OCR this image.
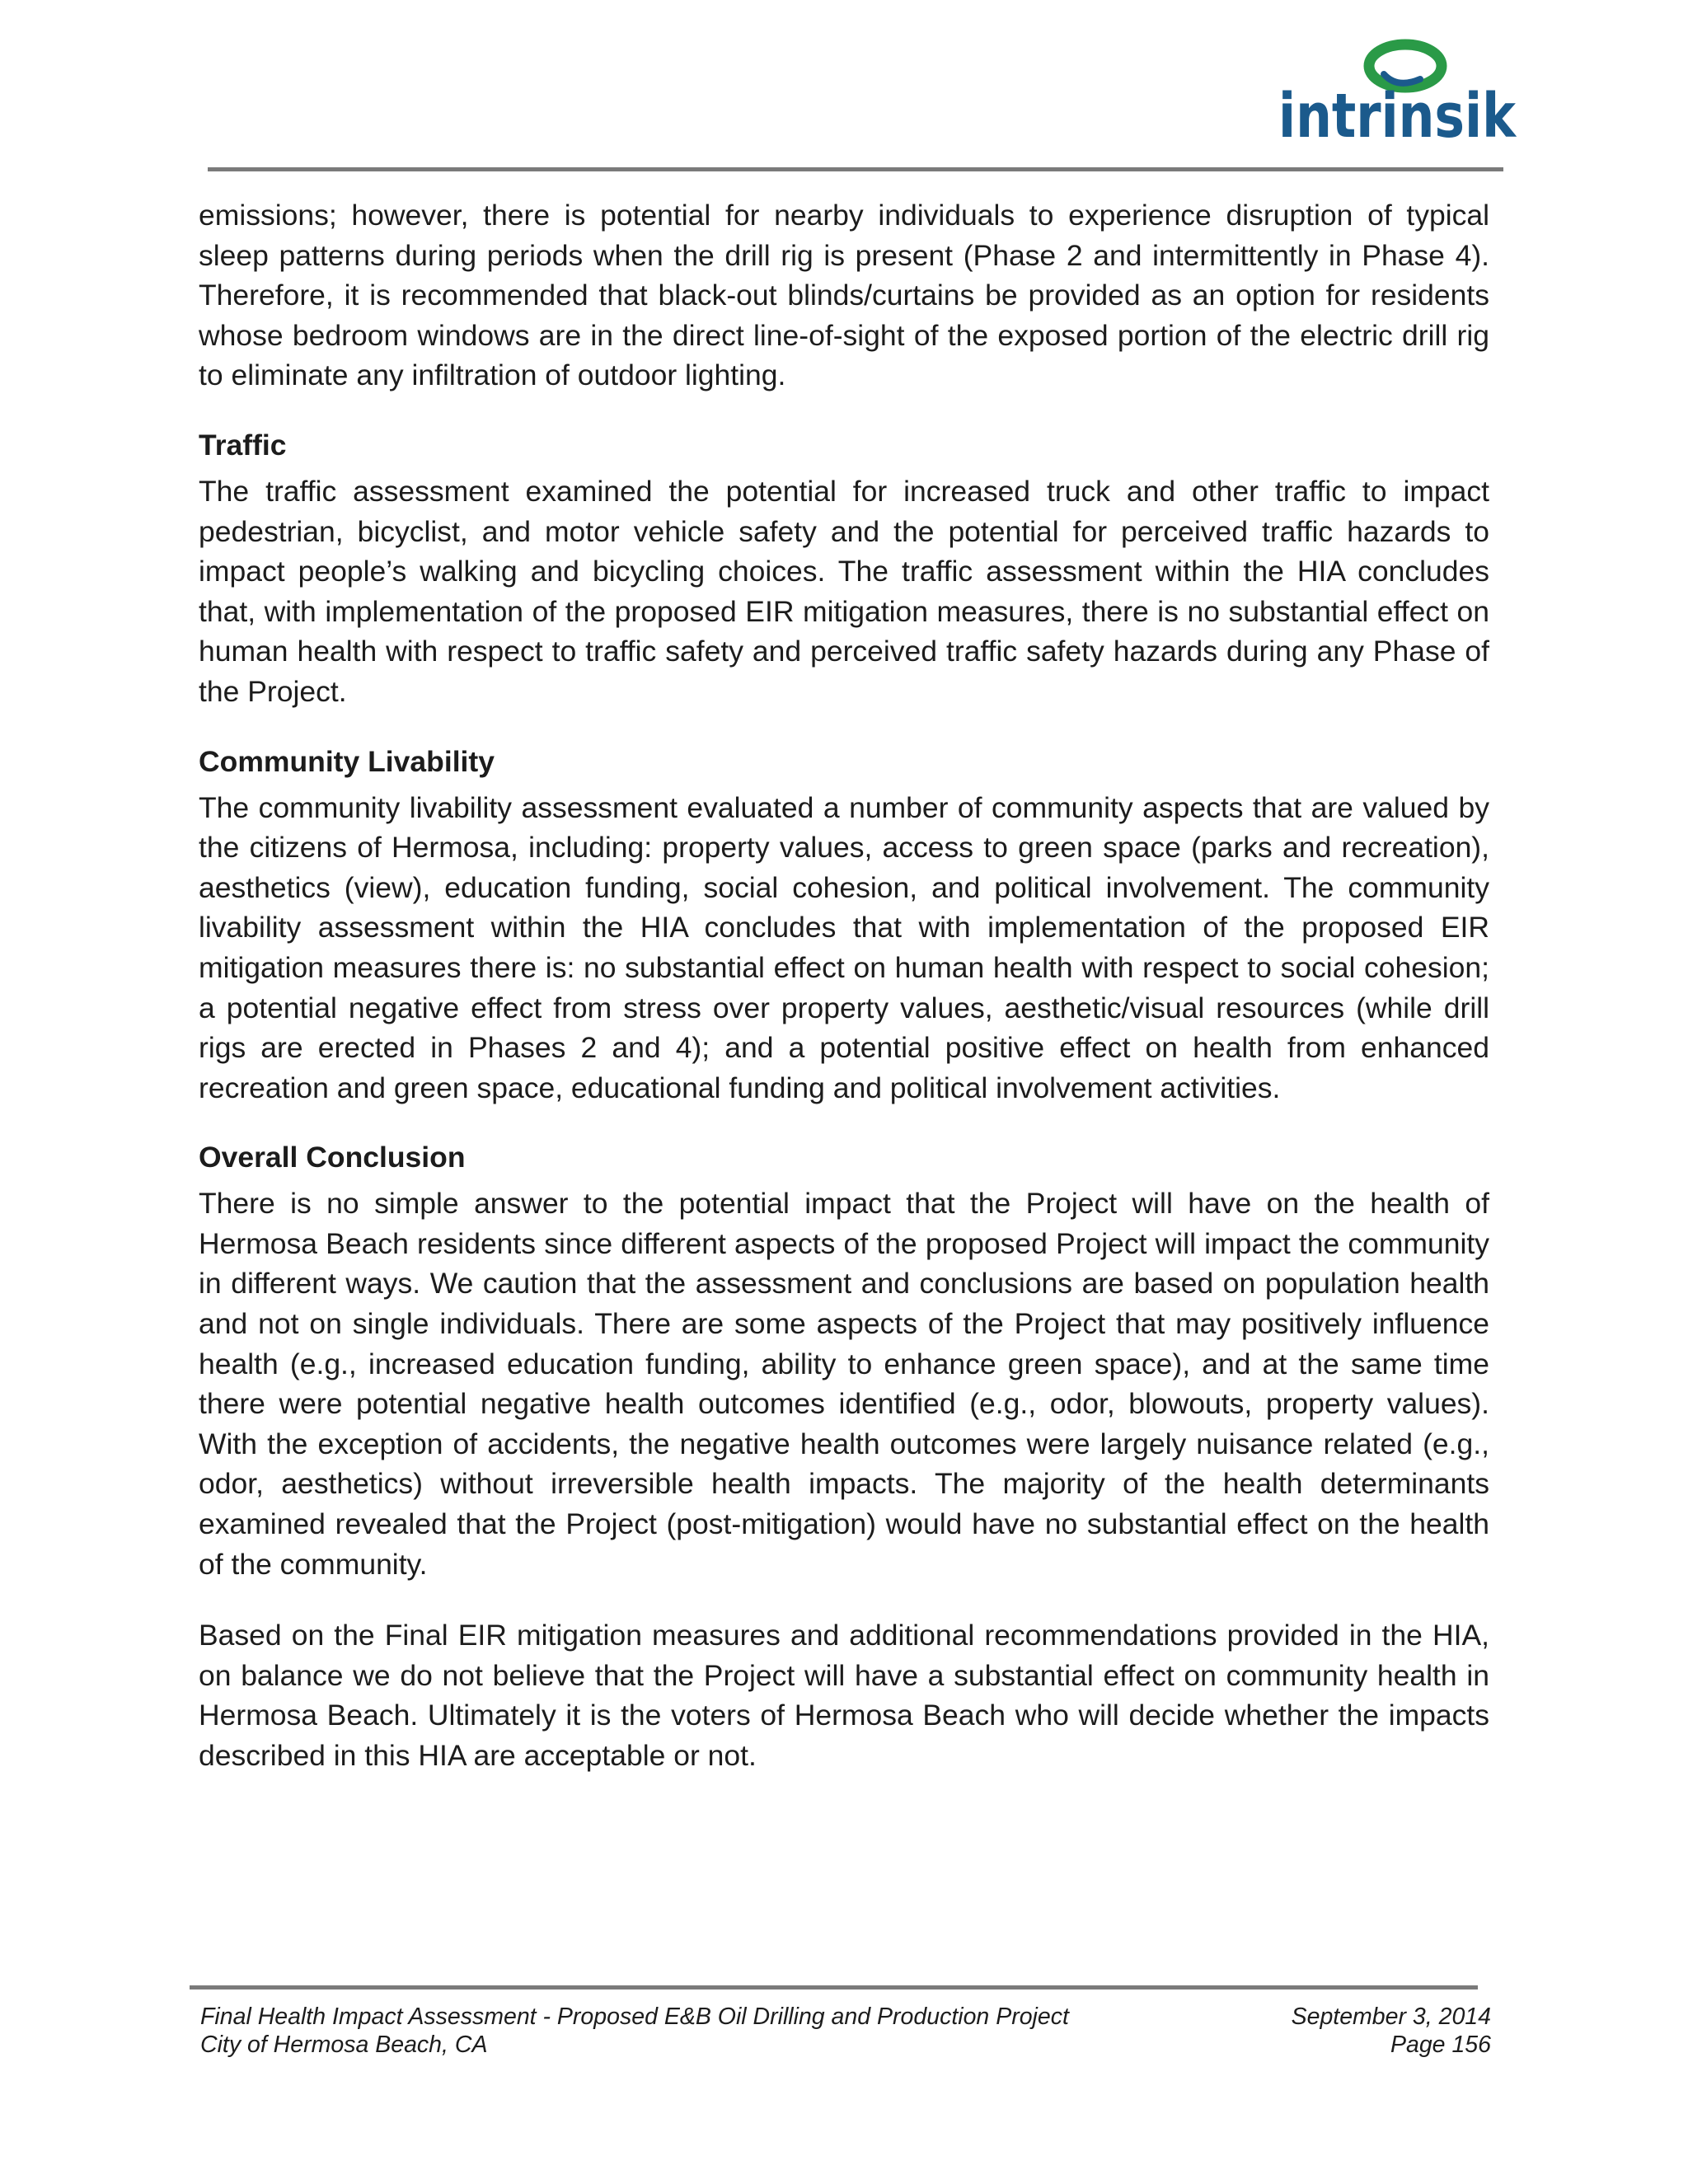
intrinsik

emissions; however, there is potential for nearby individuals to experience disruption of typical sleep patterns during periods when the drill rig is present (Phase 2 and intermittently in Phase 4). Therefore, it is recommended that black-out blinds/curtains be provided as an option for residents whose bedroom windows are in the direct line-of-sight of the exposed portion of the electric drill rig to eliminate any infiltration of outdoor lighting.

Traffic

The traffic assessment examined the potential for increased truck and other traffic to impact pedestrian, bicyclist, and motor vehicle safety and the potential for perceived traffic hazards to impact people’s walking and bicycling choices. The traffic assessment within the HIA concludes that, with implementation of the proposed EIR mitigation measures, there is no substantial effect on human health with respect to traffic safety and perceived traffic safety hazards during any Phase of the Project.

Community Livability

The community livability assessment evaluated a number of community aspects that are valued by the citizens of Hermosa, including: property values, access to green space (parks and recreation), aesthetics (view), education funding, social cohesion, and political involvement. The community livability assessment within the HIA concludes that with implementation of the proposed EIR mitigation measures there is: no substantial effect on human health with respect to social cohesion; a potential negative effect from stress over property values, aesthetic/visual resources (while drill rigs are erected in Phases 2 and 4); and a potential positive effect on health from enhanced recreation and green space, educational funding and political involvement activities.

Overall Conclusion

There is no simple answer to the potential impact that the Project will have on the health of Hermosa Beach residents since different aspects of the proposed Project will impact the community in different ways. We caution that the assessment and conclusions are based on population health and not on single individuals. There are some aspects of the Project that may positively influence health (e.g., increased education funding, ability to enhance green space), and at the same time there were potential negative health outcomes identified (e.g., odor, blowouts, property values). With the exception of accidents, the negative health outcomes were largely nuisance related (e.g., odor, aesthetics) without irreversible health impacts. The majority of the health determinants examined revealed that the Project (post-mitigation) would have no substantial effect on the health of the community.

Based on the Final EIR mitigation measures and additional recommendations provided in the HIA, on balance we do not believe that the Project will have a substantial effect on community health in Hermosa Beach. Ultimately it is the voters of Hermosa Beach who will decide whether the impacts described in this HIA are acceptable or not.

Final Health Impact Assessment - Proposed E&B Oil Drilling and Production Project	September 3, 2014
City of Hermosa Beach, CA	Page 156
